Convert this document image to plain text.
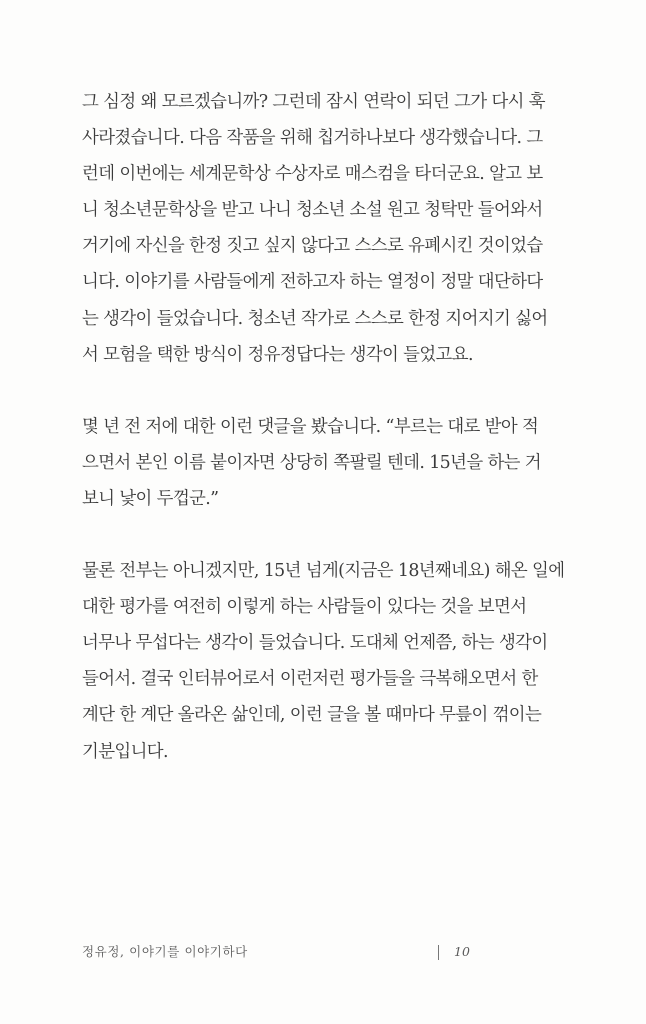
그 심정 왜 모르겠습니까? 그런데 잠시 연락이 되던 그가 다시 훅
사라졌습니다. 다음 작품을 위해 칩거하나보다 생각했습니다. 그
런데 이번에는 세계문학상 수상자로 매스컴을 타더군요. 알고 보
니 청소년문학상을 받고 나니 청소년 소설 원고 청탁만 들어와서
거기에 자신을 한정 짓고 싶지 않다고 스스로 유폐시킨 것이었습
니다. 이야기를 사람들에게 전하고자 하는 열정이 정말 대단하다
는 생각이 들었습니다. 청소년 작가로 스스로 한정 지어지기 싫어
서 모험을 택한 방식이 정유정답다는 생각이 들었고요.

몇 년 전 저에 대한 이런 댓글을 봤습니다. “부르는 대로 받아 적
으면서 본인 이름 붙이자면 상당히 쪽팔릴 텐데. 15년을 하는 거
보니 낯이 두껍군.”

물론 전부는 아니겠지만, 15년 넘게(지금은 18년째네요) 해온 일에
대한 평가를 여전히 이렇게 하는 사람들이 있다는 것을 보면서
너무나 무섭다는 생각이 들었습니다. 도대체 언제쯤, 하는 생각이
들어서. 결국 인터뷰어로서 이런저런 평가들을 극복해오면서 한
계단 한 계단 올라온 삶인데, 이런 글을 볼 때마다 무릎이 꺾이는
기분입니다.

정유정, 이야기를 이야기하다	10
